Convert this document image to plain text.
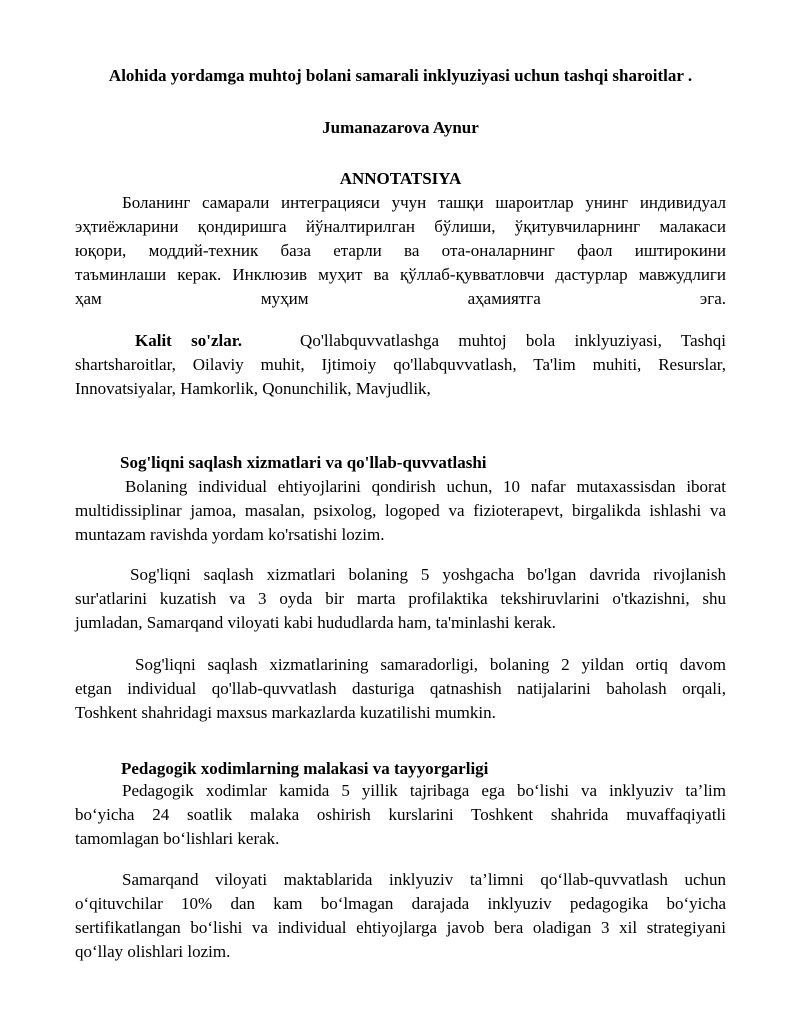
Alohida yordamga muhtoj bolani samarali inklyuziyasi uchun tashqi sharoitlar .
Jumanazarova Aynur
ANNOTATSIYA
Боланинг самарали интеграцияси учун ташқи шароитлар унинг индивидуал
эҳтиёжларини қондиришга йўналтирилган бўлиши, ўқитувчиларнинг малакаси
юқори, моддий-техник база етарли ва ота-оналарнинг фаол иштирокини
таъминлаши керак. Инклюзив муҳит ва қўллаб-қувватловчи дастурлар мавжудлиги
ҳам муҳим аҳамиятга эга.
Kalit so'zlar.	Qo'llabquvvatlashga muhtoj bola inklyuziyasi, Tashqi
shartsharoitlar, Oilaviy muhit, Ijtimoiy qo'llabquvvatlash, Ta'lim muhiti, Resurslar,
Innovatsiyalar, Hamkorlik, Qonunchilik, Mavjudlik,
Sog'liqni saqlash xizmatlari va qo'llab-quvvatlashi
Bolaning individual ehtiyojlarini qondirish uchun, 10 nafar mutaxassisdan iborat
multidissiplinar jamoa, masalan, psixolog, logoped va fizioterapevt, birgalikda ishlashi va
muntazam ravishda yordam ko'rsatishi lozim.
Sog'liqni saqlash xizmatlari bolaning 5 yoshgacha bo'lgan davrida rivojlanish
sur'atlarini kuzatish va 3 oyda bir marta profilaktika tekshiruvlarini o'tkazishni, shu
jumladan, Samarqand viloyati kabi hududlarda ham, ta'minlashi kerak.
Sog'liqni saqlash xizmatlarining samaradorligi, bolaning 2 yildan ortiq davom
etgan individual qo'llab-quvvatlash dasturiga qatnashish natijalarini baholash orqali,
Toshkent shahridagi maxsus markazlarda kuzatilishi mumkin.
Pedagogik xodimlarning malakasi va tayyorgarligi
Pedagogik xodimlar kamida 5 yillik tajribaga ega bo‘lishi va inklyuziv ta’lim
bo‘yicha 24 soatlik malaka oshirish kurslarini Toshkent shahrida muvaffaqiyatli
tamomlagan bo‘lishlari kerak.
Samarqand viloyati maktablarida inklyuziv ta’limni qo‘llab-quvvatlash uchun
o‘qituvchilar 10% dan kam bo‘lmagan darajada inklyuziv pedagogika bo‘yicha
sertifikatlangan bo‘lishi va individual ehtiyojlarga javob bera oladigan 3 xil strategiyani
qo‘llay olishlari lozim.
